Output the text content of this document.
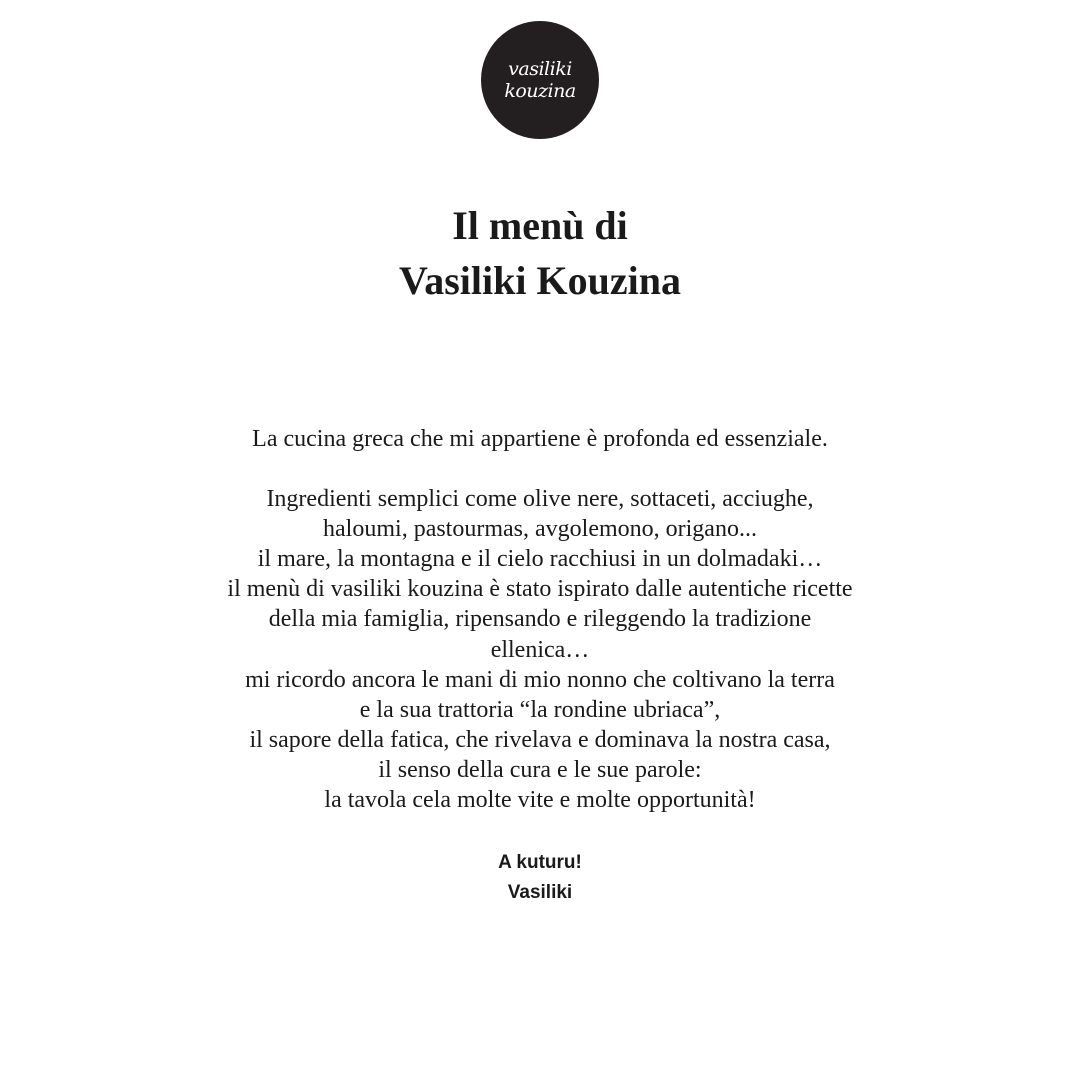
vasiliki
kouzina
Il menù di
Vasiliki Kouzina
La cucina greca che mi appartiene è profonda ed essenziale.
Ingredienti semplici come olive nere, sottaceti, acciughe,
haloumi, pastourmas, avgolemono, origano...
il mare, la montagna e il cielo racchiusi in un dolmadaki…
il menù di vasiliki kouzina è stato ispirato dalle autentiche ricette
della mia famiglia, ripensando e rileggendo la tradizione
ellenica…
mi ricordo ancora le mani di mio nonno che coltivano la terra
e la sua trattoria “la rondine ubriaca”,
il sapore della fatica, che rivelava e dominava la nostra casa,
il senso della cura e le sue parole:
la tavola cela molte vite e molte opportunità!
A kuturu!
Vasiliki
